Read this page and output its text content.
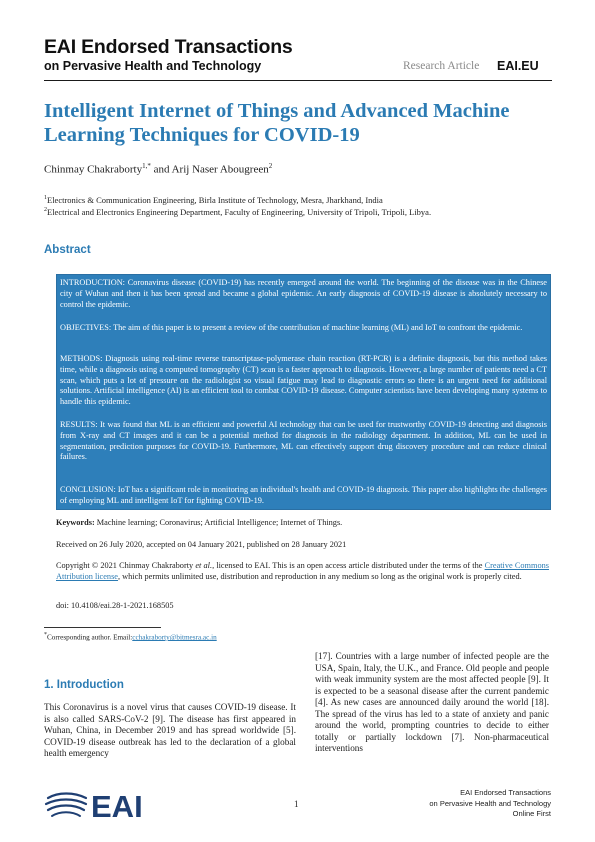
EAI Endorsed Transactions
on Pervasive Health and Technology	Research Article EAI.EU
Intelligent Internet of Things and Advanced Machine Learning Techniques for COVID-19
Chinmay Chakraborty$^{1,*}$ and Arij Naser Abougreen$^2$
$^1$Electronics & Communication Engineering, Birla Institute of Technology, Mesra, Jharkhand, India
$^2$Electrical and Electronics Engineering Department, Faculty of Engineering, University of Tripoli, Tripoli, Libya.
Abstract

INTRODUCTION: Coronavirus disease (COVID-19) has recently emerged around the world. The beginning of the disease was in the Chinese city of Wuhan and then it has been spread and became a global epidemic. An early diagnosis of COVID-19 disease is absolutely necessary to control the epidemic.

OBJECTIVES: The aim of this paper is to present a review of the contribution of machine learning (ML) and IoT to confront the epidemic.

METHODS: Diagnosis using real-time reverse transcriptase-polymerase chain reaction (RT-PCR) is a definite diagnosis, but this method takes time, while a diagnosis using a computed tomography (CT) scan is a faster approach to diagnosis. However, a large number of patients need a CT scan, which puts a lot of pressure on the radiologist so visual fatigue may lead to diagnostic errors so there is an urgent need for additional solutions. Artificial intelligence (AI) is an efficient tool to combat COVID-19 disease. Computer scientists have been developing many systems to handle this epidemic.

RESULTS: It was found that ML is an efficient and powerful AI technology that can be used for trustworthy COVID-19 detecting and diagnosis from X-ray and CT images and it can be a potential method for diagnosis in the radiology department. In addition, ML can be used in segmentation, prediction purposes for COVID-19. Furthermore, ML can effectively support drug discovery procedure and can reduce clinical failures.

CONCLUSION: IoT has a significant role in monitoring an individual's health and COVID-19 diagnosis. This paper also highlights the challenges of employing ML and intelligent IoT for fighting COVID-19.

Keywords: Machine learning; Coronavirus; Artificial Intelligence; Internet of Things.
Received on 26 July 2020, accepted on 04 January 2021, published on 28 January 2021
Copyright © 2021 Chinmay Chakraborty et al., licensed to EAI. This is an open access article distributed under the terms of the Creative Commons Attribution license, which permits unlimited use, distribution and reproduction in any medium so long as the original work is properly cited.
doi: 10.4108/eai.28-1-2021.168505
*Corresponding author. Email:cchakraborty@bitmesra.ac.in
1. Introduction

This Coronavirus is a novel virus that causes COVID-19 disease. It is also called SARS-CoV-2 [9]. The disease has first appeared in Wuhan, China, in December 2019 and has spread worldwide [5]. COVID-19 disease outbreak has led to the declaration of a global health emergency

[17]. Countries with a large number of infected people are the USA, Spain, Italy, the U.K., and France. Old people and people with weak immunity system are the most affected people [9]. It is expected to be a seasonal disease after the current pandemic [4]. As new cases are announced daily around the world [18]. The spread of the virus has led to a state of anxiety and panic around the world, prompting countries to decide to either totally or partially lockdown [7]. Non-pharmaceutical interventions

EAI	1
EAI Endorsed Transactions
on Pervasive Health and Technology
Online First
